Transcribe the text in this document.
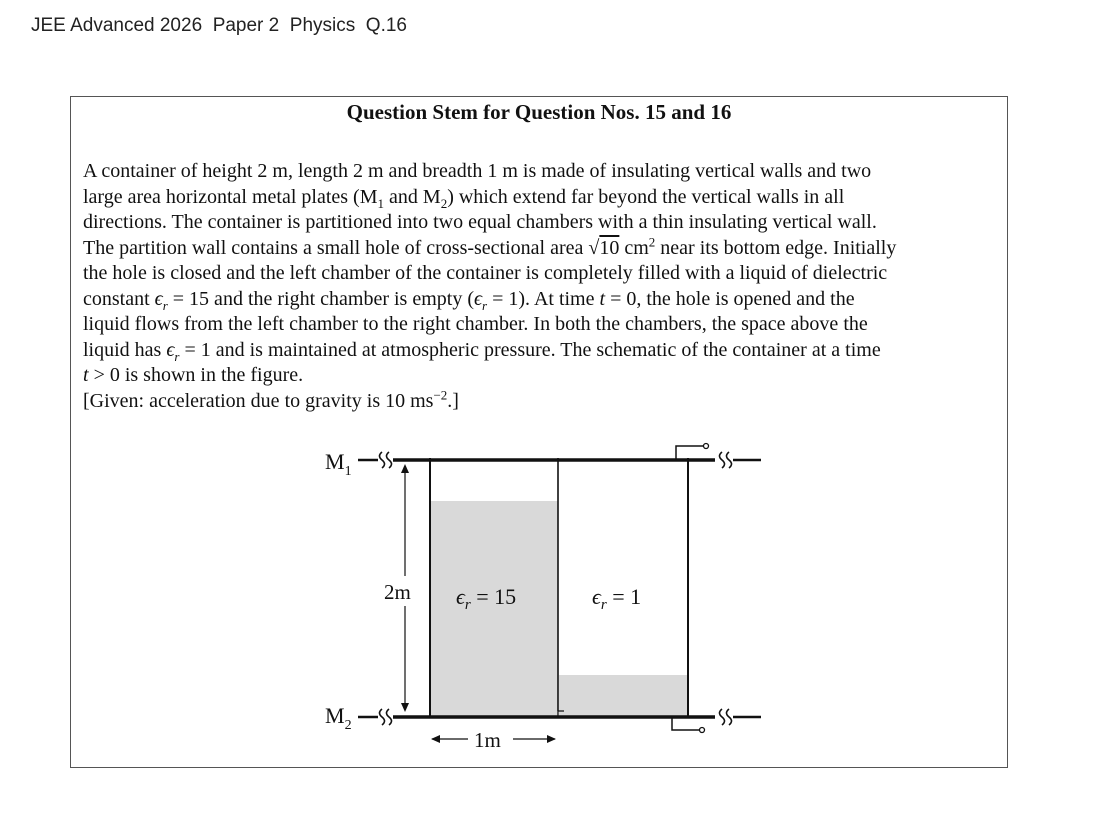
JEE Advanced 2026  Paper 2  Physics  Q.16
Question Stem for Question Nos. 15 and 16
A container of height 2 m, length 2 m and breadth 1 m is made of insulating vertical walls and two
large area horizontal metal plates ($M_1$ and $M_2$) which extend far beyond the vertical walls in all
directions. The container is partitioned into two equal chambers with a thin insulating vertical wall.
The partition wall contains a small hole of cross-sectional area √10 $cm^2$ near its bottom edge. Initially
the hole is closed and the left chamber of the container is completely filled with a liquid of dielectric
constant $\epsilon_r = 15$ and the right chamber is empty $(\epsilon_r = 1)$. At time t = 0, the hole is opened and the
liquid flows from the left chamber to the right chamber. In both the chambers, the space above the
liquid has $\epsilon_r = 1$ and is maintained at atmospheric pressure. The schematic of the container at a time
t > 0 is shown in the figure.
[Given: acceleration due to gravity is 10 $ms^{-2}$.]
2m
1m
$M_1$
$M_2$
$\epsilon_r = 15$	$\epsilon_r = 1$
